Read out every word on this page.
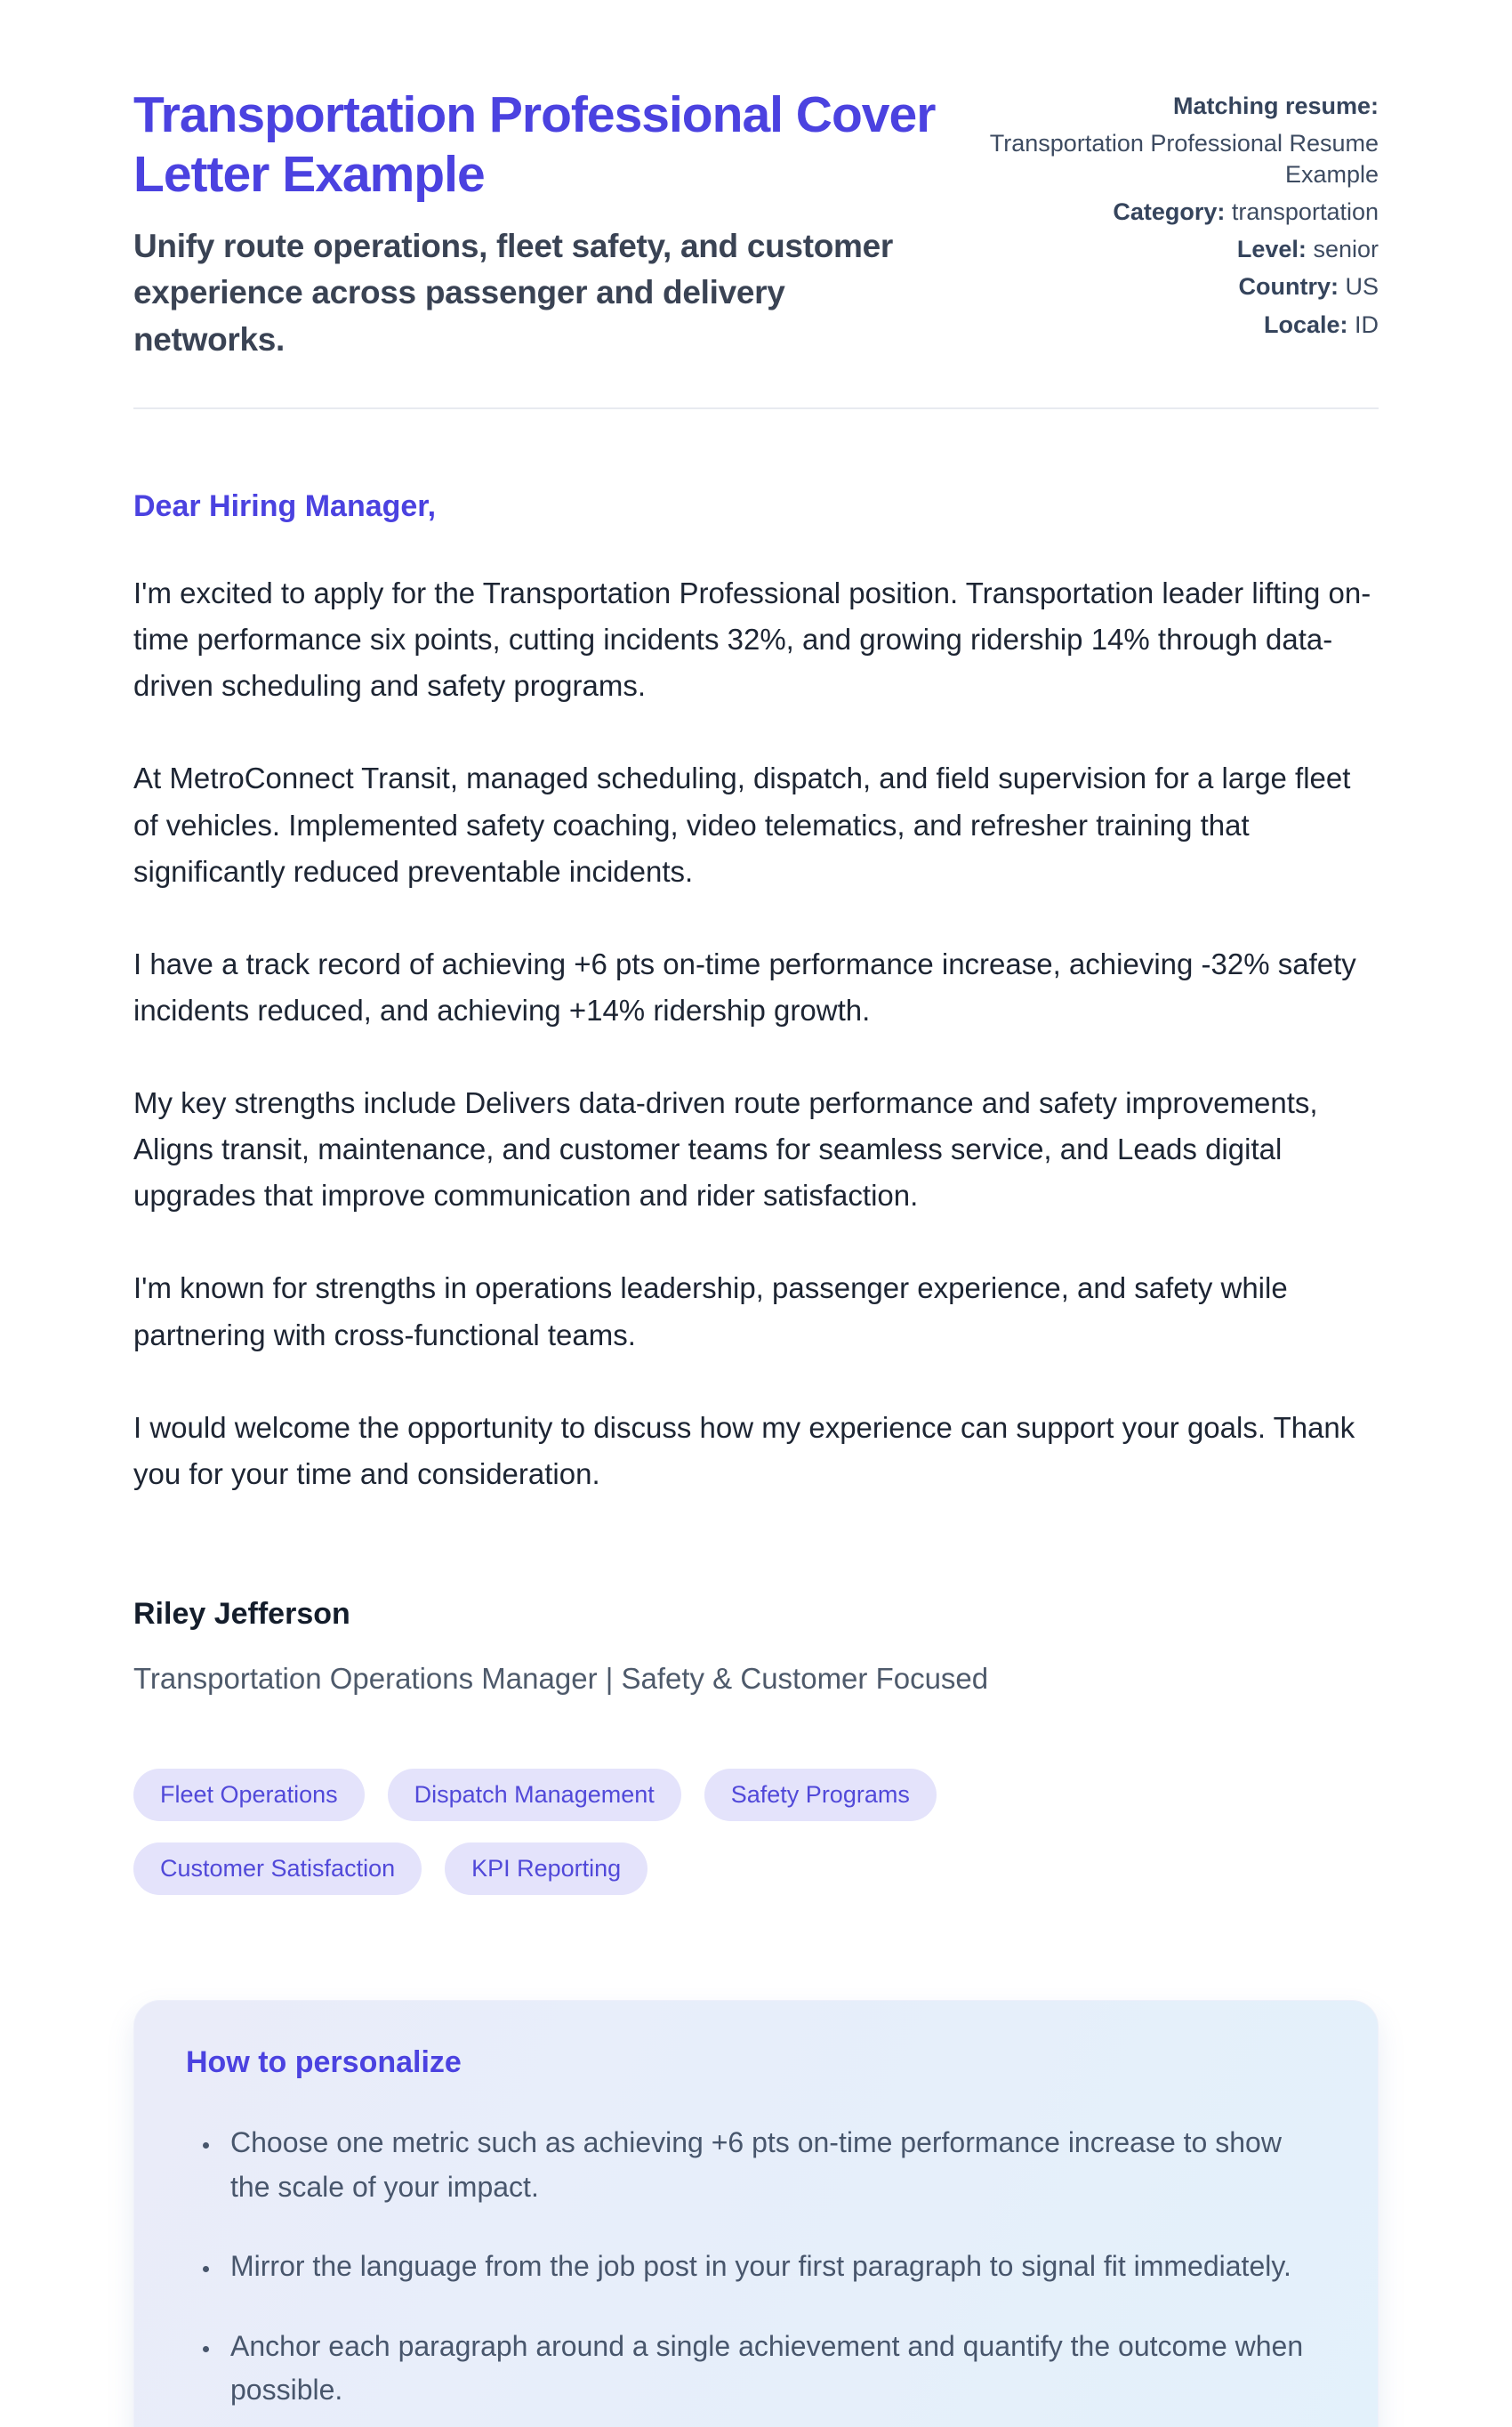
Transportation Professional Cover Letter Example
Unify route operations, fleet safety, and customer experience across passenger and delivery networks.
Matching resume:
Transportation Professional Resume Example
Category: transportation
Level: senior
Country: US
Locale: ID
Dear Hiring Manager,

I'm excited to apply for the Transportation Professional position. Transportation leader lifting on-time performance six points, cutting incidents 32%, and growing ridership 14% through data-driven scheduling and safety programs.

At MetroConnect Transit, managed scheduling, dispatch, and field supervision for a large fleet of vehicles. Implemented safety coaching, video telematics, and refresher training that significantly reduced preventable incidents.

I have a track record of achieving +6 pts on-time performance increase, achieving -32% safety incidents reduced, and achieving +14% ridership growth.

My key strengths include Delivers data-driven route performance and safety improvements, Aligns transit, maintenance, and customer teams for seamless service, and Leads digital upgrades that improve communication and rider satisfaction.

I'm known for strengths in operations leadership, passenger experience, and safety while partnering with cross-functional teams.

I would welcome the opportunity to discuss how my experience can support your goals. Thank you for your time and consideration.

Riley Jefferson
Transportation Operations Manager | Safety & Customer Focused
Fleet Operations	Dispatch Management	Safety Programs
Customer Satisfaction	KPI Reporting
How to personalize
• Choose one metric such as achieving +6 pts on-time performance increase to show the scale of your impact.
• Mirror the language from the job post in your first paragraph to signal fit immediately.
• Anchor each paragraph around a single achievement and quantify the outcome when possible.
